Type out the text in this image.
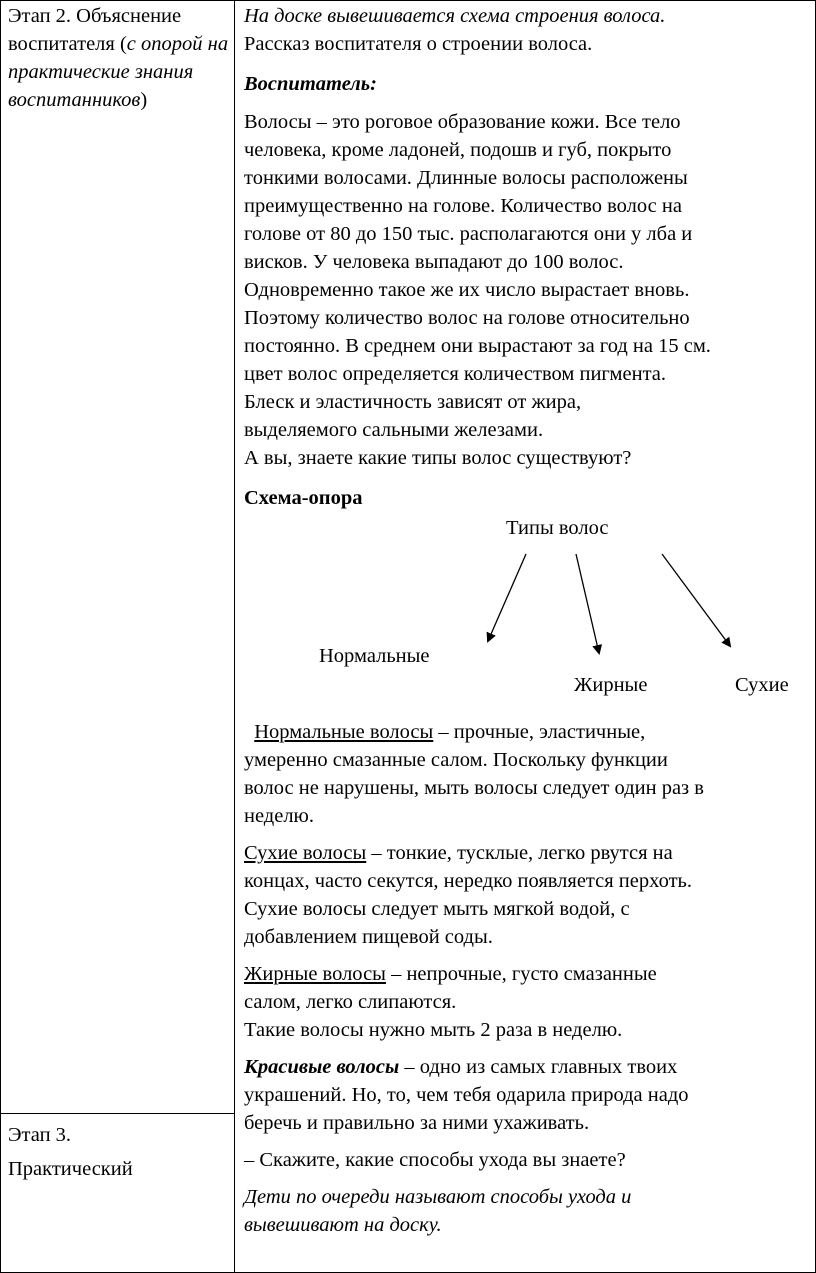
Этап 2. Объяснение воспитателя (с опорой на практические знания воспитанников)
Этап 3.
Практический

На доске вывешивается схема строения волоса.

Рассказ воспитателя о строении волоса.

Воспитатель:

Волосы – это роговое образование кожи. Все тело

человека, кроме ладоней, подошв и губ, покрыто

тонкими волосами. Длинные волосы расположены

преимущественно на голове. Количество волос на

голове от 80 до 150 тыс. располагаются они у лба и

висков. У человека выпадают до 100 волос.

Одновременно такое же их число вырастает вновь.

Поэтому количество волос на голове относительно

постоянно. В среднем они вырастают за год на 15 см.

цвет волос определяется количеством пигмента.

Блеск и эластичность зависят от жира,

выделяемого сальными железами.

А вы, знаете какие типы волос существуют?

Схема-опора

Типы волос
Нормальные
Жирные	Сухие

Нормальные волосы – прочные, эластичные,

умеренно смазанные салом. Поскольку функции

волос не нарушены, мыть волосы следует один раз в

неделю.

Сухие волосы – тонкие, тусклые, легко рвутся на

концах, часто секутся, нередко появляется перхоть.

Сухие волосы следует мыть мягкой водой, с

добавлением пищевой соды.

Жирные волосы – непрочные, густо смазанные

салом, легко слипаются.

Такие волосы нужно мыть 2 раза в неделю.

Красивые волосы – одно из самых главных твоих

украшений. Но, то, чем тебя одарила природа надо

беречь и правильно за ними ухаживать.

– Скажите, какие способы ухода вы знаете?

Дети по очереди называют способы ухода и

вывешивают на доску.
